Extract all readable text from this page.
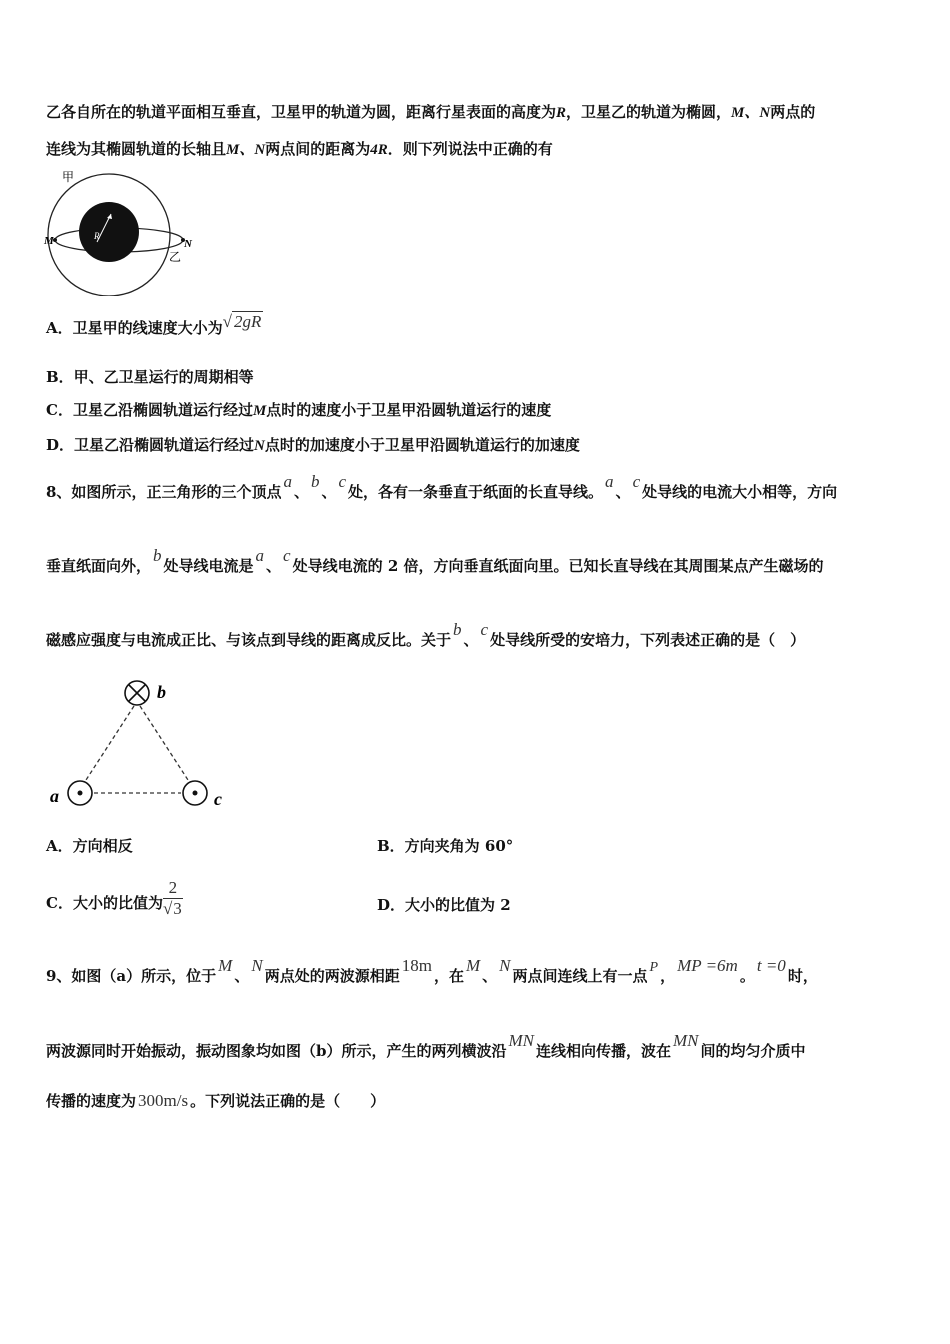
乙各自所在的轨道平面相互垂直，卫星甲的轨道为圆，距离行星表面的高度为R，卫星乙的轨道为椭圆，M、N两点的
连线为其椭圆轨道的长轴且M、N两点间的距离为4R．则下列说法中正确的有
R
M	N
甲
乙
A．卫星甲的线速度大小为√ 2gR
B．甲、乙卫星运行的周期相等
C．卫星乙沿椭圆轨道运行经过M点时的速度小于卫星甲沿圆轨道运行的速度
D．卫星乙沿椭圆轨道运行经过N点时的加速度小于卫星甲沿圆轨道运行的加速度
8、如图所示，正三角形的三个顶点a、b、c处，各有一条垂直于纸面的长直导线。a、c处导线的电流大小相等，方向
垂直纸面向外，b处导线电流是a、c处导线电流的 2 倍，方向垂直纸面向里。已知长直导线在其周围某点产生磁场的
磁感应强度与电流成正比、与该点到导线的距离成反比。关于b、c处导线所受的安培力，下列表述正确的是（　）
b
a	c
A．方向相反	B．方向夹角为 60°
C．大小的比值为 $\frac{2}{√3}$	D．大小的比值为 2
9、如图（a）所示，位于M、N两点处的两波源相距18m，在M、N两点间连线上有一点 P ，MP =6m。t =0时，
两波源同时开始振动，振动图象均如图（b）所示，产生的两列横波沿MN连线相向传播，波在MN间的均匀介质中
传播的速度为 300m/s 。下列说法正确的是（　　）
